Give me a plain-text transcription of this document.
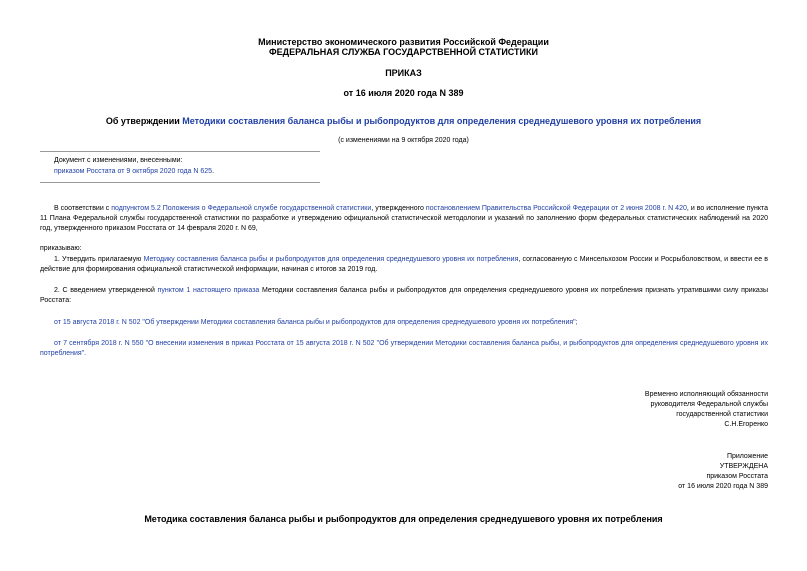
Министерство экономического развития Российской Федерации
ФЕДЕРАЛЬНАЯ СЛУЖБА ГОСУДАРСТВЕННОЙ СТАТИСТИКИ
ПРИКАЗ
от 16 июля 2020 года N 389
Об утверждении Методики составления баланса рыбы и рыбопродуктов для определения среднедушевого уровня их потребления
(с изменениями на 9 октября 2020 года)
Документ с изменениями, внесенными:
приказом Росстата от 9 октября 2020 года N 625.
В соответствии с подпунктом 5.2 Положения о Федеральной службе государственной статистики, утвержденного постановлением Правительства Российской Федерации от 2 июня 2008 г. N 420, и во исполнение пункта 11 Плана Федеральной службы государственной статистики по разработке и утверждению официальной статистической методологии и указаний по заполнению форм федеральных статистических наблюдений на 2020 год, утвержденного приказом Росстата от 14 февраля 2020 г. N 69,
приказываю:
1. Утвердить прилагаемую Методику составления баланса рыбы и рыбопродуктов для определения среднедушевого уровня их потребления, согласованную с Минсельхозом России и Росрыболовством, и ввести ее в действие для формирования официальной статистической информации, начиная с итогов за 2019 год.
2. С введением утвержденной пунктом 1 настоящего приказа Методики составления баланса рыбы и рыбопродуктов для определения среднедушевого уровня их потребления признать утратившими силу приказы Росстата:
от 15 августа 2018 г. N 502 "Об утверждении Методики составления баланса рыбы и рыбопродуктов для определения среднедушевого уровня их потребления";
от 7 сентября 2018 г. N 550 "О внесении изменения в приказ Росстата от 15 августа 2018 г. N 502 "Об утверждении Методики составления баланса рыбы, и рыбопродуктов для определения среднедушевого уровня их потребления".
Временно исполняющий обязанности
руководителя Федеральной службы
государственной статистики
С.Н.Егоренко
Приложение
УТВЕРЖДЕНА
приказом Росстата
от 16 июля 2020 года N 389
Методика составления баланса рыбы и рыбопродуктов для определения среднедушевого уровня их потребления
